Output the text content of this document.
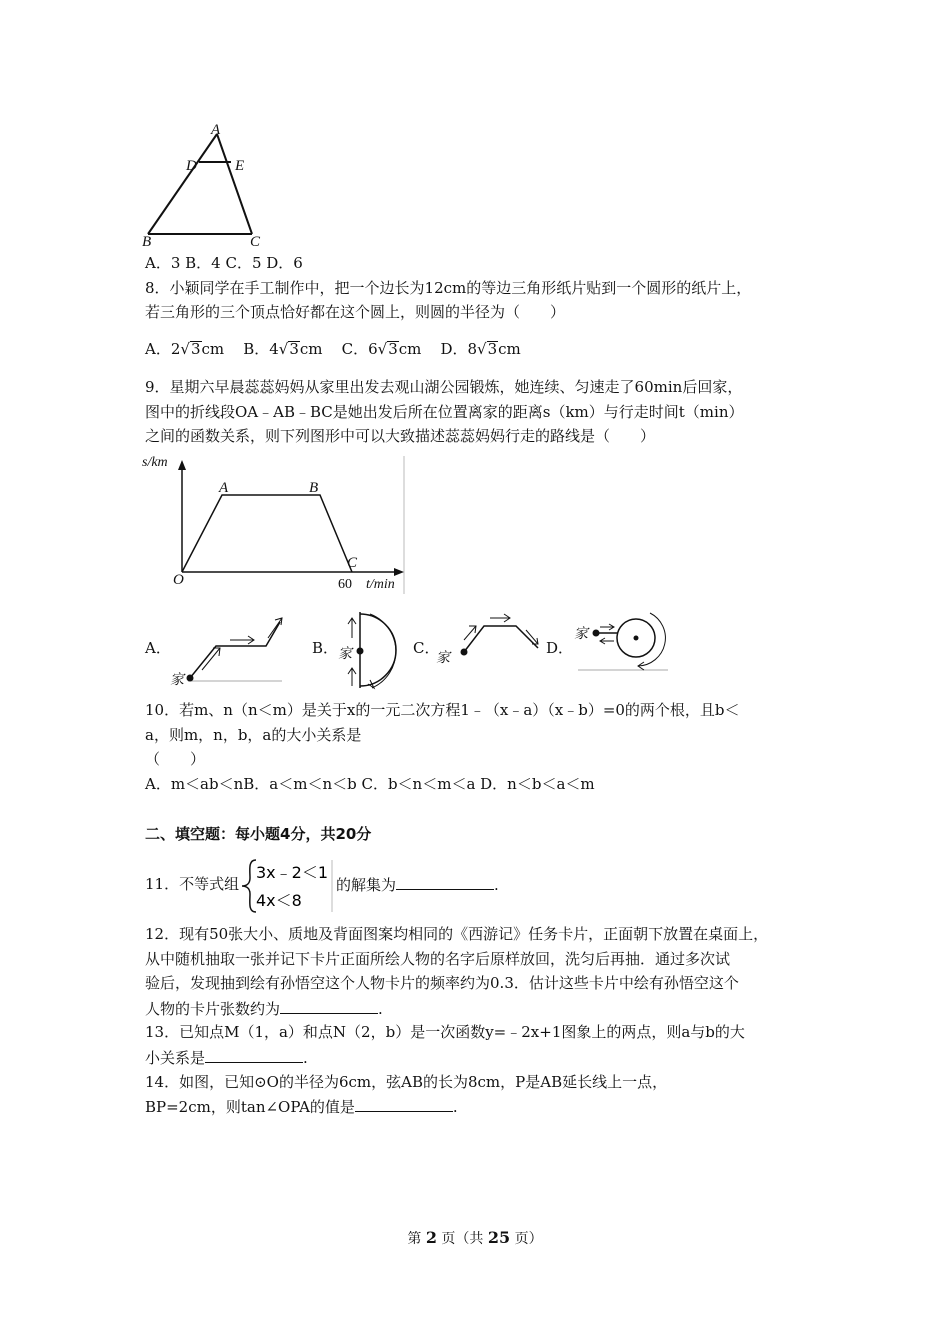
A
D	E
B	C
A．3 B．4 C．5 D．6
8．小颖同学在手工制作中，把一个边长为12cm的等边三角形纸片贴到一个圆形的纸片上，
若三角形的三个顶点恰好都在这个圆上，则圆的半径为（　　）
A．2√3cm B．4√3cm C．6√3cm D．8√3cm
9．星期六早晨蕊蕊妈妈从家里出发去观山湖公园锻炼，她连续、匀速走了60min后回家，
图中的折线段OA﹣AB﹣BC是她出发后所在位置离家的距离s（km）与行走时间t（min）
之间的函数关系，则下列图形中可以大致描述蕊蕊妈妈行走的路线是（　　）
s/km
O
A	B
C
60 t/min
A．
家
B． 家	C．
家
D．
家
10．若m、n（n＜m）是关于x的一元二次方程1﹣（x﹣a）（x﹣b）=0的两个根，且b＜
a，则m，n，b，a的大小关系是
（　　）
A．m＜ab＜nB．a＜m＜n＜b C．b＜n＜m＜a D．n＜b＜a＜m
二、填空题：每小题4分，共20分
11．不等式组
3x﹣2＜1
4x＜8
的解集为	.
12．现有50张大小、质地及背面图案均相同的《西游记》任务卡片，正面朝下放置在桌面上，
从中随机抽取一张并记下卡片正面所绘人物的名字后原样放回，洗匀后再抽．通过多次试
验后，发现抽到绘有孙悟空这个人物卡片的频率约为0.3．估计这些卡片中绘有孙悟空这个
人物的卡片张数约为	.
13．已知点M（1，a）和点N（2，b）是一次函数y=﹣2x+1图象上的两点，则a与b的大
小关系是	.
14．如图，已知⊙O的半径为6cm，弦AB的长为8cm，P是AB延长线上一点，
BP=2cm，则tan∠OPA的值是	.
第 2 页（共 25 页）
